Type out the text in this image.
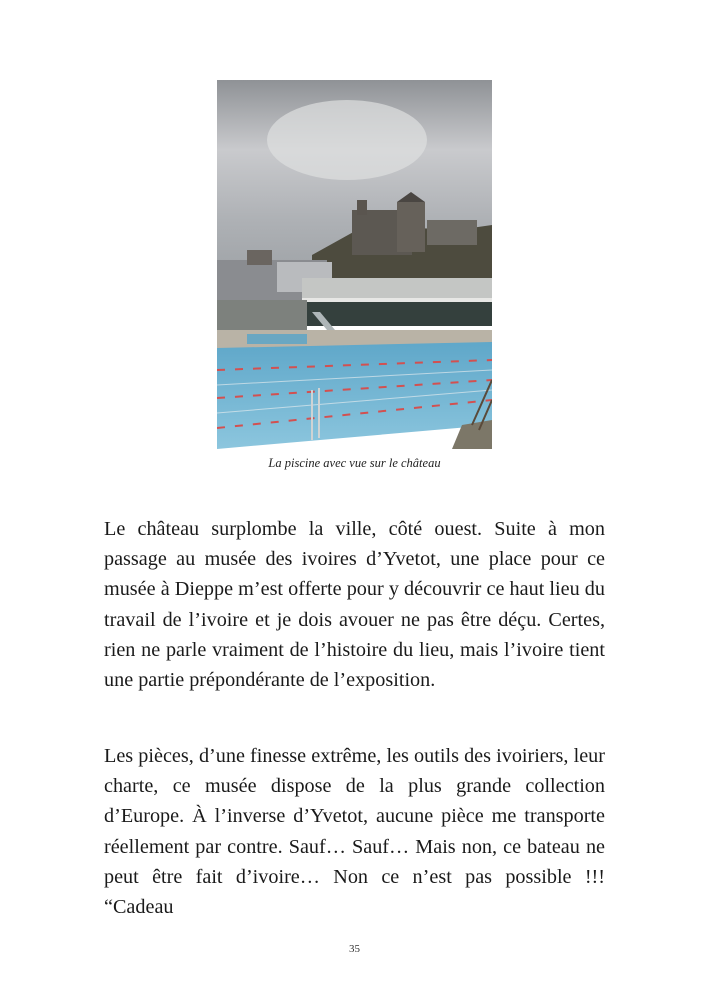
La piscine avec vue sur le château

Le château surplombe la ville, côté ouest. Suite à mon passage au musée des ivoires d’Yvetot, une place pour ce musée à Dieppe m’est offerte pour y découvrir ce haut lieu du travail de l’ivoire et je dois avouer ne pas être déçu. Certes, rien ne parle vraiment de l’histoire du lieu, mais l’ivoire tient une partie prépondérante de l’exposition.

Les pièces, d’une finesse extrême, les outils des ivoiriers, leur charte, ce musée dispose de la plus grande collection d’Europe. À l’inverse d’Yvetot, aucune pièce me transporte réellement par contre. Sauf… Sauf… Mais non, ce bateau ne peut être fait d’ivoire… Non ce n’est pas possible !!! “Cadeau

35
